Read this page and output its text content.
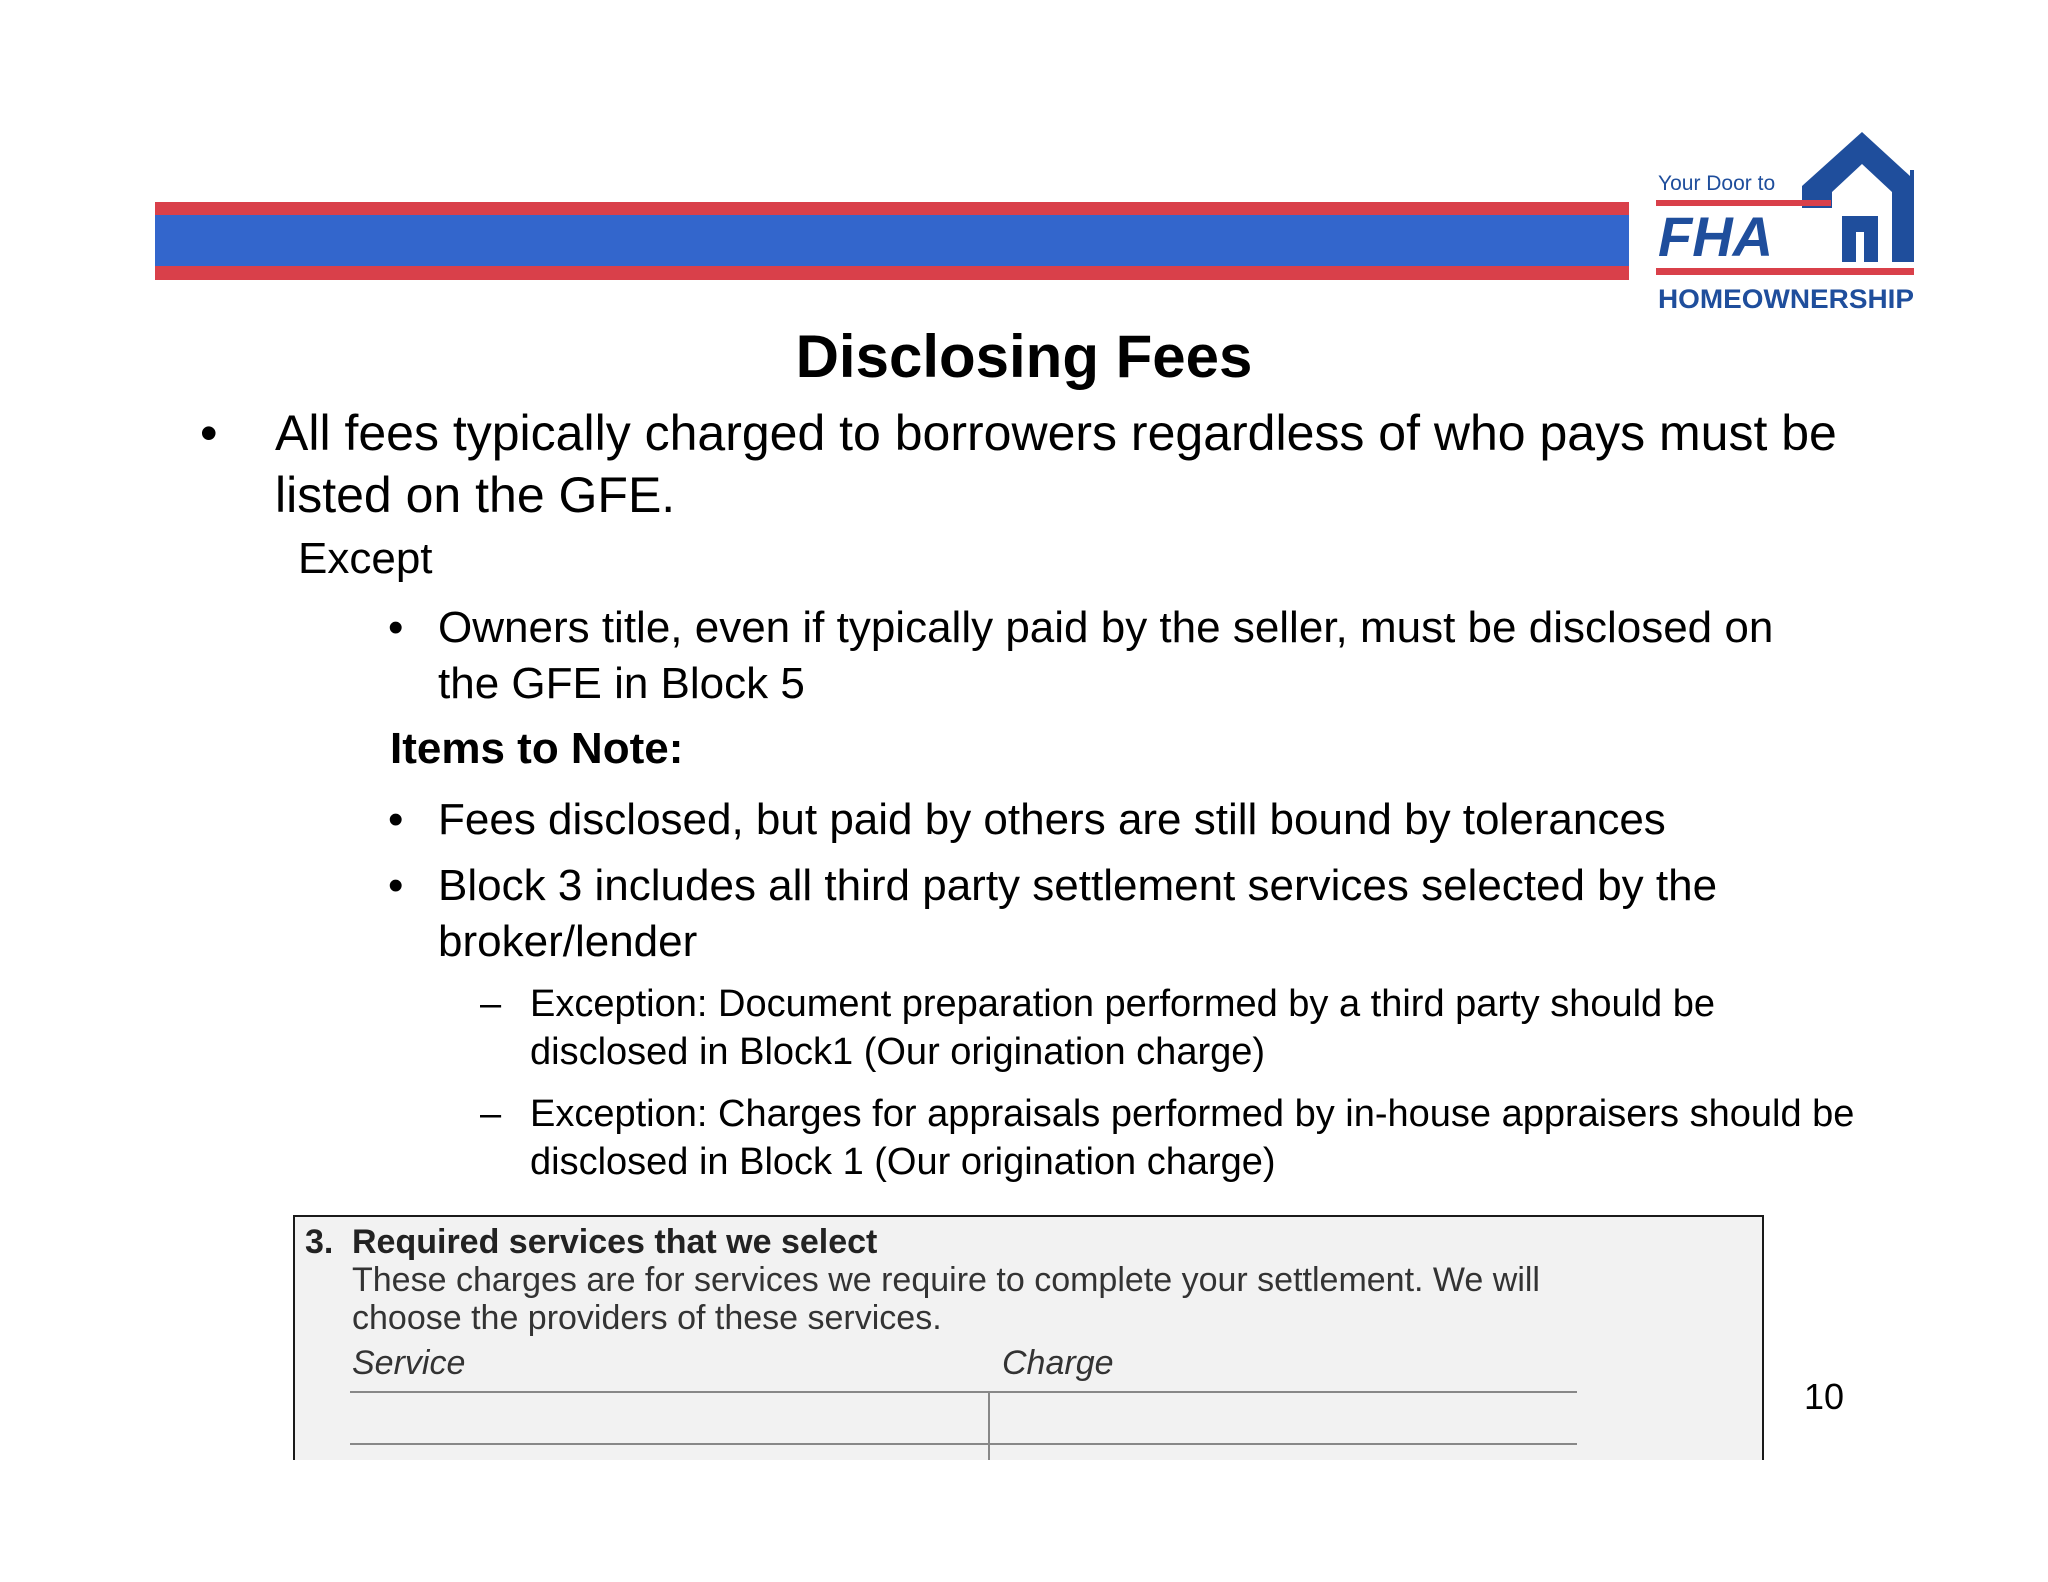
Your Door to
FHA
HOMEOWNERSHIP
Disclosing Fees
• All fees typically charged to borrowers regardless of who pays must be listed on the GFE.
Except
• Owners title, even if typically paid by the seller, must be disclosed on the GFE in Block 5
Items to Note:
• Fees disclosed, but paid by others are still bound by tolerances
• Block 3 includes all third party settlement services selected by the broker/lender
– Exception: Document preparation performed by a third party should be disclosed in Block1 (Our origination charge)
– Exception: Charges for appraisals performed by in-house appraisers should be disclosed in Block 1 (Our origination charge)
3. Required services that we select
These charges are for services we require to complete your settlement. We will choose the providers of these services.
Service	Charge
10
